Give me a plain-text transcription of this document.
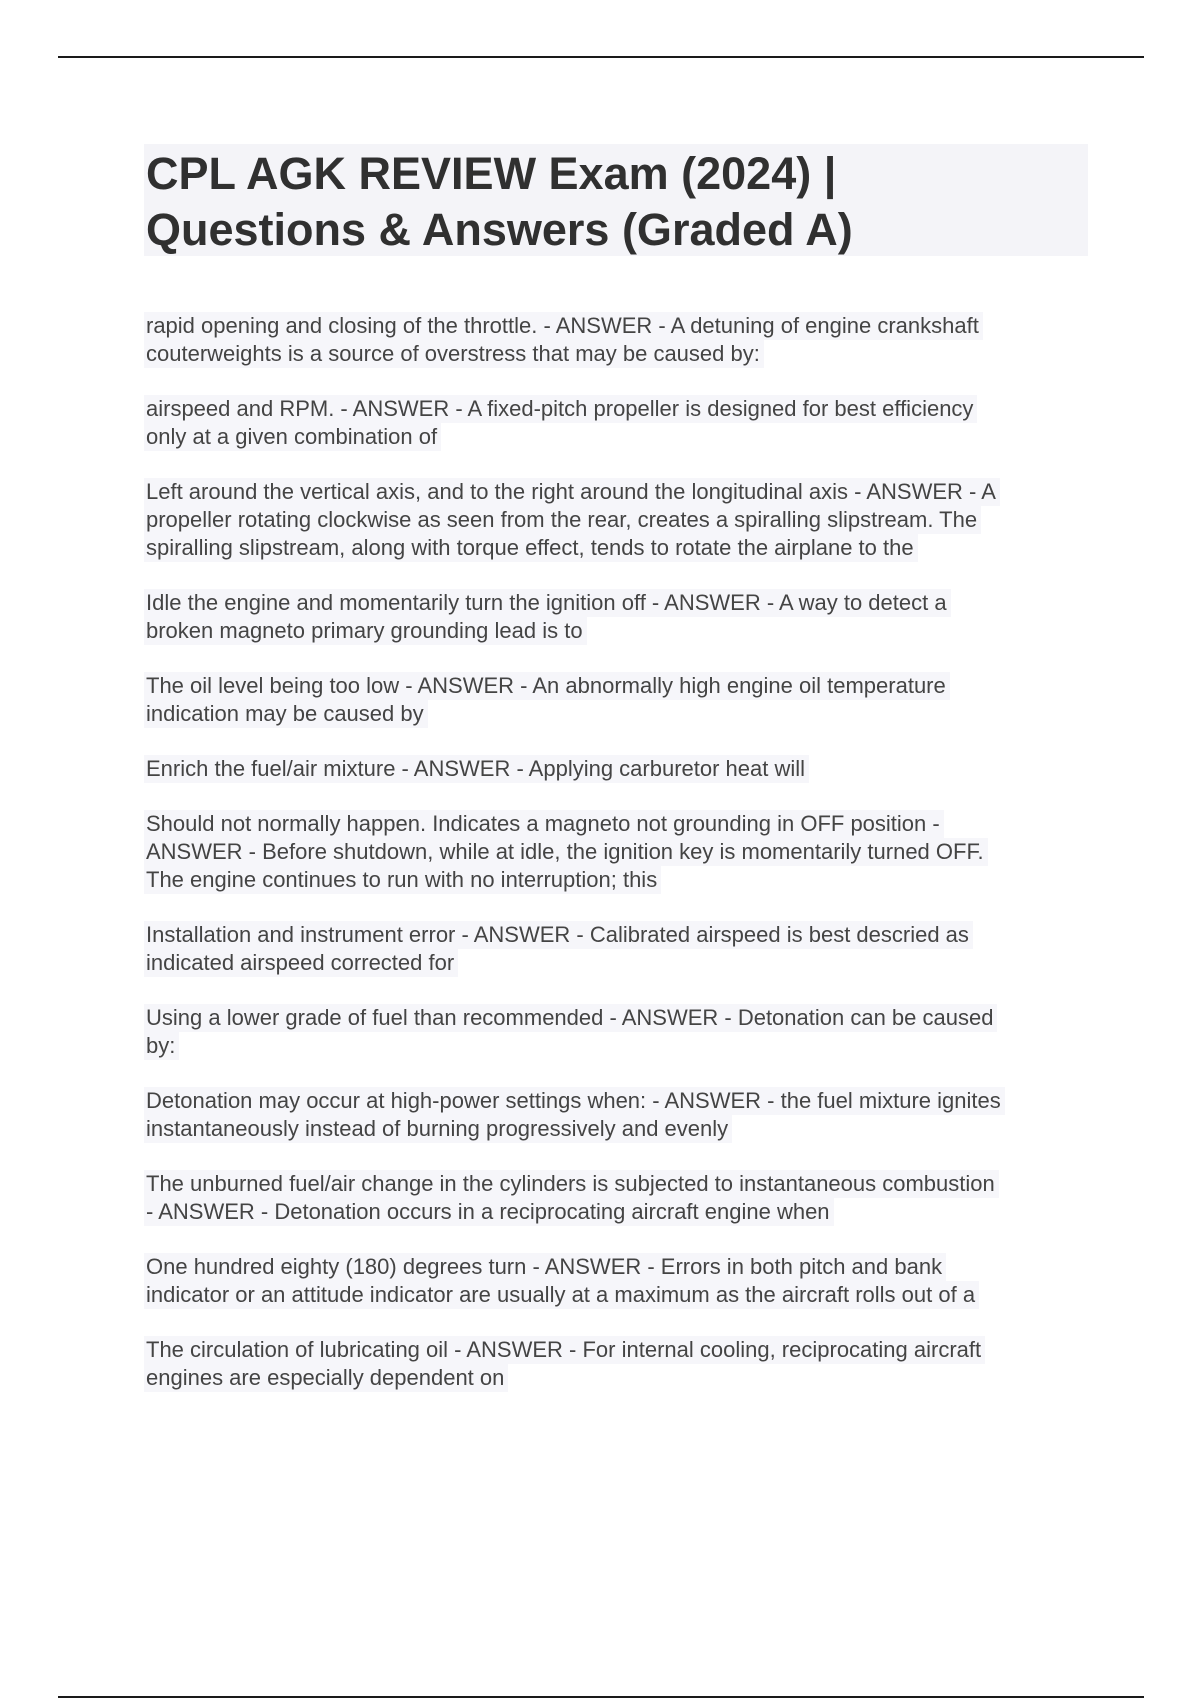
CPL AGK REVIEW Exam (2024) |
Questions & Answers (Graded A)
rapid opening and closing of the throttle. - ANSWER - A detuning of engine crankshaft
couterweights is a source of overstress that may be caused by:
airspeed and RPM. - ANSWER - A fixed-pitch propeller is designed for best efficiency
only at a given combination of
Left around the vertical axis, and to the right around the longitudinal axis - ANSWER - A
propeller rotating clockwise as seen from the rear, creates a spiralling slipstream. The
spiralling slipstream, along with torque effect, tends to rotate the airplane to the
Idle the engine and momentarily turn the ignition off - ANSWER - A way to detect a
broken magneto primary grounding lead is to
The oil level being too low - ANSWER - An abnormally high engine oil temperature
indication may be caused by
Enrich the fuel/air mixture - ANSWER - Applying carburetor heat will
Should not normally happen. Indicates a magneto not grounding in OFF position -
ANSWER - Before shutdown, while at idle, the ignition key is momentarily turned OFF.
The engine continues to run with no interruption; this
Installation and instrument error - ANSWER - Calibrated airspeed is best descried as
indicated airspeed corrected for
Using a lower grade of fuel than recommended - ANSWER - Detonation can be caused
by:
Detonation may occur at high-power settings when: - ANSWER - the fuel mixture ignites
instantaneously instead of burning progressively and evenly
The unburned fuel/air change in the cylinders is subjected to instantaneous combustion
- ANSWER - Detonation occurs in a reciprocating aircraft engine when
One hundred eighty (180) degrees turn - ANSWER - Errors in both pitch and bank
indicator or an attitude indicator are usually at a maximum as the aircraft rolls out of a
The circulation of lubricating oil - ANSWER - For internal cooling, reciprocating aircraft
engines are especially dependent on
